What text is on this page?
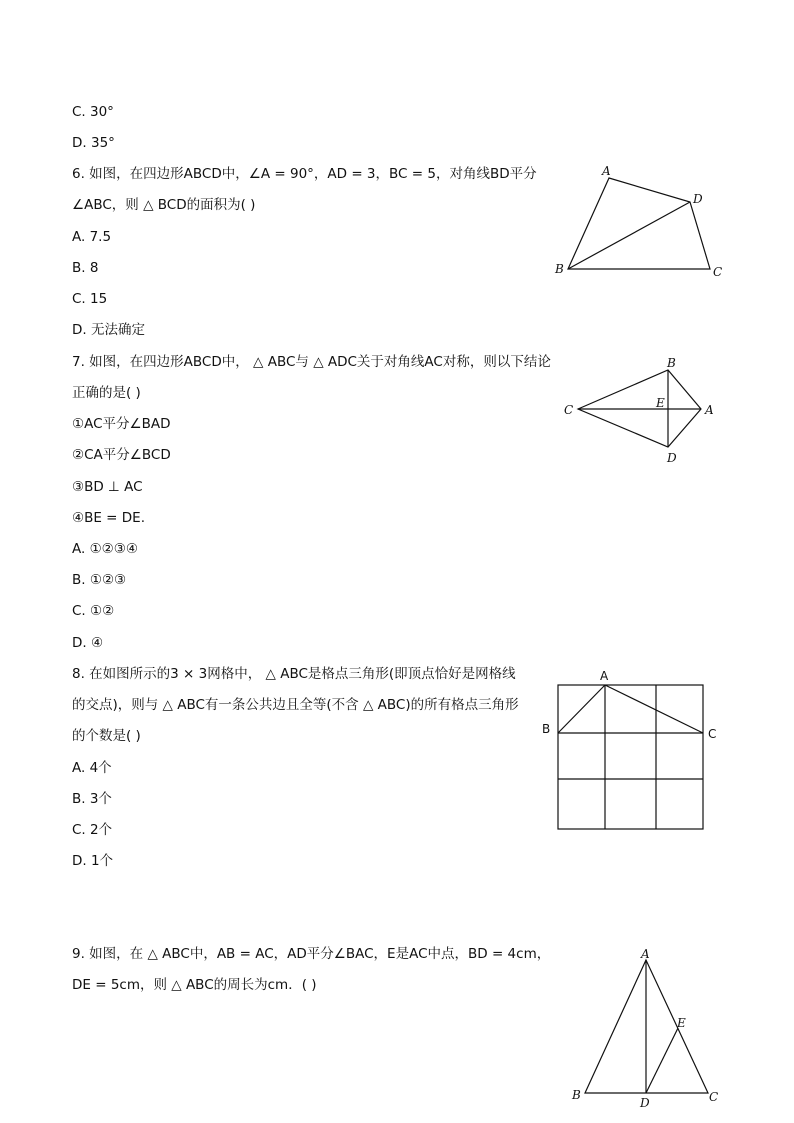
C. 30°
D. 35°
6. 如图，在四边形ABCD中，∠A = 90°，AD = 3，BC = 5，对角线BD平分
∠ABC，则 △ BCD的面积为( )
A. 7.5
B. 8
C. 15
D. 无法确定
A
D
B	C
7. 如图，在四边形ABCD中， △ ABC与 △ ADC关于对角线AC对称，则以下结论
正确的是( )
①AC平分∠BAD
②CA平分∠BCD
③BD ⊥ AC
④BE = DE.
A. ①②③④
B. ①②③
C. ①②
D. ④
B
C	E	A
D
8. 在如图所示的3 × 3网格中， △ ABC是格点三角形(即顶点恰好是网格线
的交点)，则与 △ ABC有一条公共边且全等(不含 △ ABC)的所有格点三角形
的个数是( )
A. 4个
B. 3个
C. 2个
D. 1个
A
B	C
9. 如图，在 △ ABC中，AB = AC，AD平分∠BAC，E是AC中点，BD = 4cm，
DE = 5cm，则 △ ABC的周长为cm．( )
A
E
B
D	C
